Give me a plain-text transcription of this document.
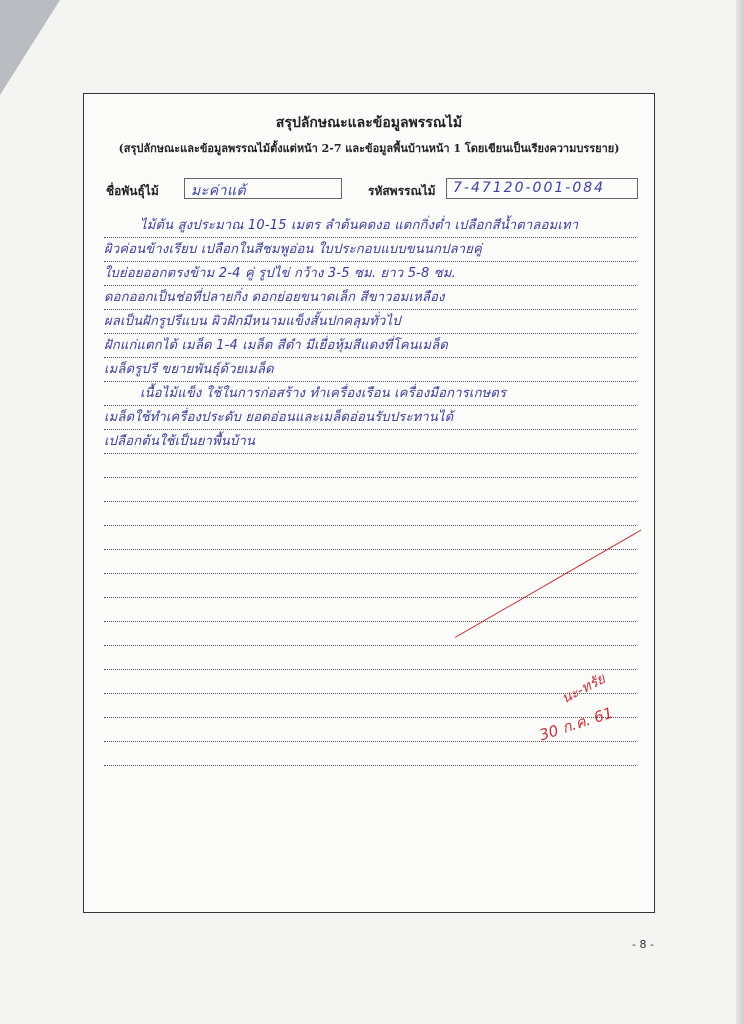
สรุปลักษณะและข้อมูลพรรณไม้
(สรุปลักษณะและข้อมูลพรรณไม้ตั้งแต่หน้า 2-7 และข้อมูลพื้นบ้านหน้า 1 โดยเขียนเป็นเรียงความบรรยาย)
ชื่อพันธุ์ไม้	มะค่าแต้	รหัสพรรณไม้	7-47120-001-084
ไม้ต้น สูงประมาณ 10-15 เมตร ลำต้นคดงอ แตกกิ่งต่ำ เปลือกสีน้ำตาลอมเทา
ผิวค่อนข้างเรียบ เปลือกในสีชมพูอ่อน ใบประกอบแบบขนนกปลายคู่
ใบย่อยออกตรงข้าม 2-4 คู่ รูปไข่ กว้าง 3-5 ซม. ยาว 5-8 ซม.
ดอกออกเป็นช่อที่ปลายกิ่ง ดอกย่อยขนาดเล็ก สีขาวอมเหลือง
ผลเป็นฝักรูปรีแบน ผิวฝักมีหนามแข็งสั้นปกคลุมทั่วไป
ฝักแก่แตกได้ เมล็ด 1-4 เมล็ด สีดำ มีเยื่อหุ้มสีแดงที่โคนเมล็ด
เมล็ดรูปรี ขยายพันธุ์ด้วยเมล็ด
เนื้อไม้แข็ง ใช้ในการก่อสร้าง ทำเครื่องเรือน เครื่องมือการเกษตร
เมล็ดใช้ทำเครื่องประดับ ยอดอ่อนและเมล็ดอ่อนรับประทานได้
เปลือกต้นใช้เป็นยาพื้นบ้าน
นะ-ทรัย
30 ก.ค. 61
- 8 -
